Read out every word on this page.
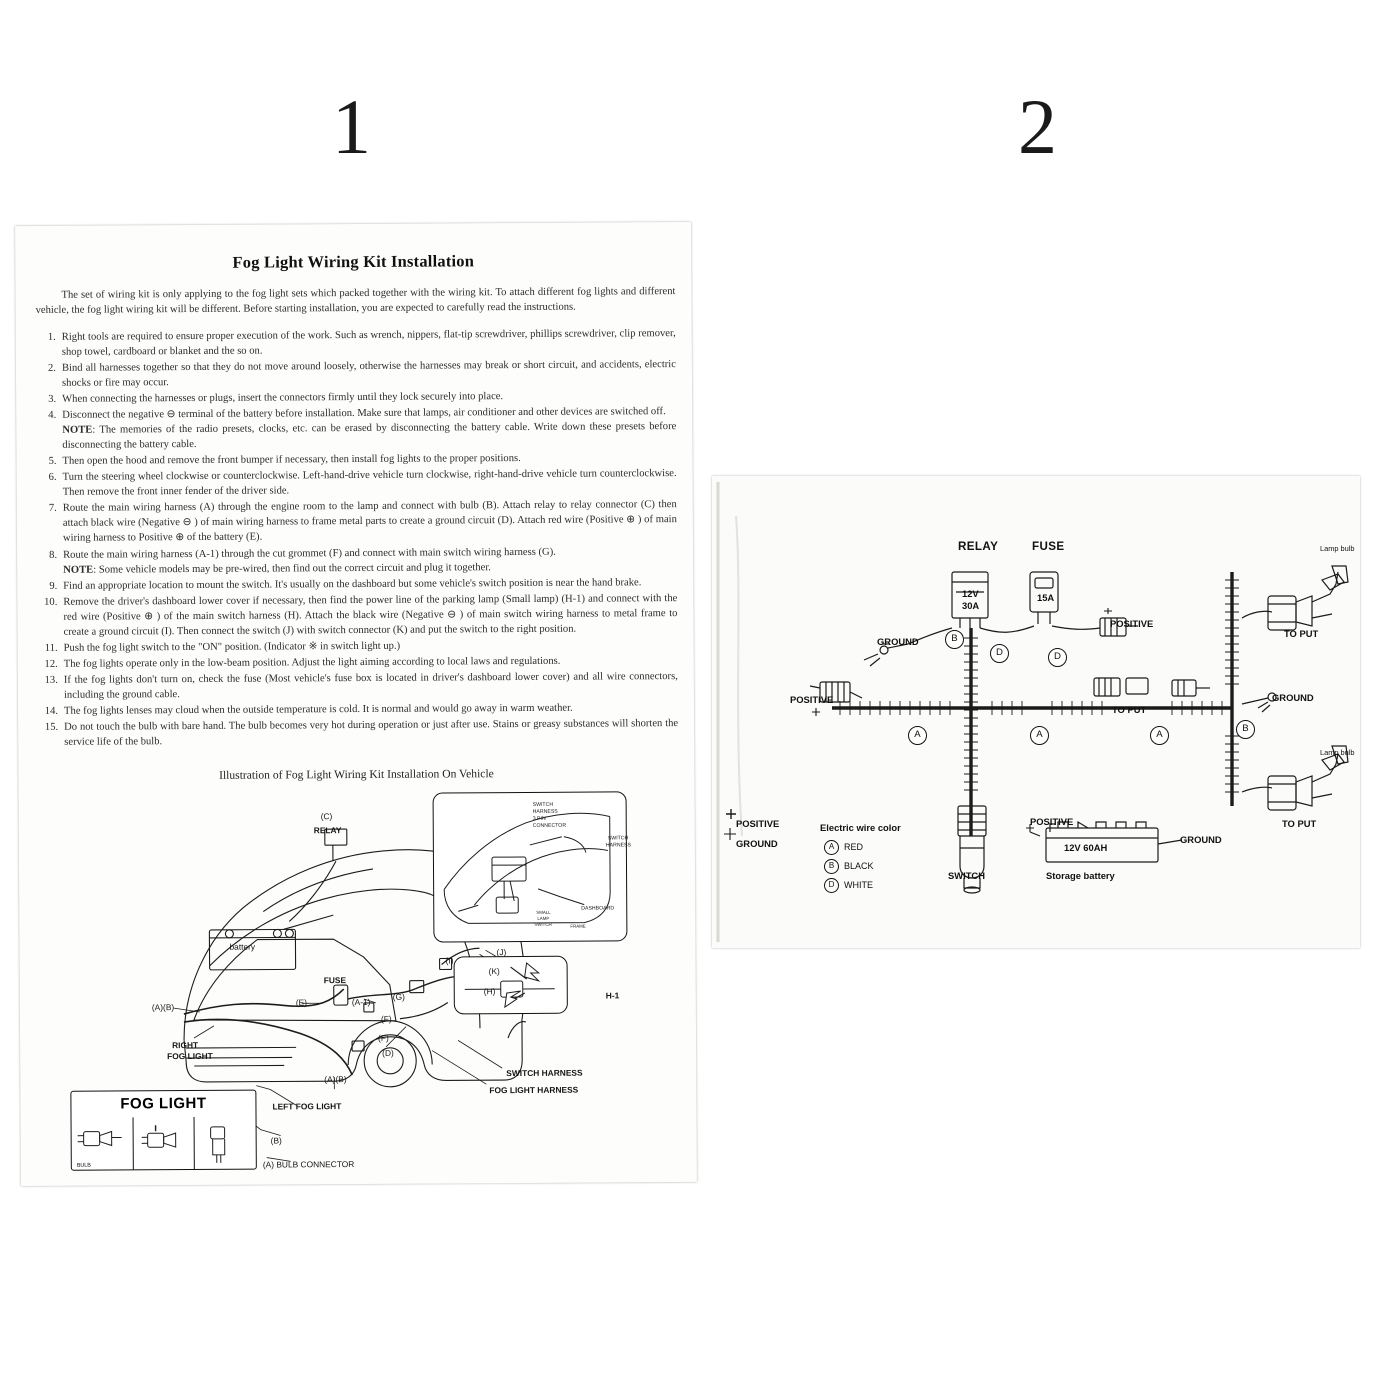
1	2
Fog Light Wiring Kit Installation
The set of wiring kit is only applying to the fog light sets which packed together with the wiring kit. To attach different fog lights and different vehicle, the fog light wiring kit will be different. Before starting installation, you are expected to carefully read the instructions.
1. Right tools are required to ensure proper execution of the work. Such as wrench, nippers, flat-tip screwdriver, phillips screwdriver, clip remover, shop towel, cardboard or blanket and the so on.
2. Bind all harnesses together so that they do not move around loosely, otherwise the harnesses may break or short circuit, and accidents, electric shocks or fire may occur.
3. When connecting the harnesses or plugs, insert the connectors firmly until they lock securely into place.
4. Disconnect the negative ⊖ terminal of the battery before installation. Make sure that lamps, air conditioner and other devices are switched off.
NOTE: The memories of the radio presets, clocks, etc. can be erased by disconnecting the battery cable. Write down these presets before disconnecting the battery cable.
5. Then open the hood and remove the front bumper if necessary, then install fog lights to the proper positions.
6. Turn the steering wheel clockwise or counterclockwise. Left-hand-drive vehicle turn clockwise, right-hand-drive vehicle turn counterclockwise. Then remove the front inner fender of the driver side.
7. Route the main wiring harness (A) through the engine room to the lamp and connect with bulb (B). Attach relay to relay connector (C) then attach black wire (Negative ⊖ ) of main wiring harness to frame metal parts to create a ground circuit (D). Attach red wire (Positive ⊕ ) of main wiring harness to Positive ⊕ of the battery (E).
8. Route the main wiring harness (A-1) through the cut grommet (F) and connect with main switch wiring harness (G).
NOTE: Some vehicle models may be pre-wired, then find out the correct circuit and plug it together.
9. Find an appropriate location to mount the switch. It's usually on the dashboard but some vehicle's switch position is near the hand brake.
10. Remove the driver's dashboard lower cover if necessary, then find the power line of the parking lamp (Small lamp) (H-1) and connect with the red wire (Positive ⊕ ) of the main switch harness (H). Attach the black wire (Negative ⊖ ) of main switch wiring harness to metal frame to create a ground circuit (I). Then connect the switch (J) with switch connector (K) and put the switch to the right position.
11. Push the fog light switch to the "ON" position. (Indicator ※ in switch light up.)
12. The fog lights operate only in the low-beam position. Adjust the light aiming according to local laws and regulations.
13. If the fog lights don't turn on, check the fuse (Most vehicle's fuse box is located in driver's dashboard lower cover) and all wire connectors, including the ground cable.
14. The fog lights lenses may cloud when the outside temperature is cold. It is normal and would go away in warm weather.
15. Do not touch the bulb with bare hand. The bulb becomes very hot during operation or just after use. Stains or greasy substances will shorten the service life of the bulb.
Illustration of Fog Light Wiring Kit Installation On Vehicle
FOG LIGHT
BULB
(C)
RELAY
battery
FUSE
(A)(B)	(E)	(A-1)
(G)
(I)
(H)
(K)
(J)
(F)
(F)
(D)
RIGHT
FOG LIGHT
(A)(B)
LEFT FOG LIGHT
FOG LIGHT HARNESS
SWITCH HARNESS
(B)
(A) BULB CONNECTOR
H-1
SWITCH
HARNESS
3 PIN
CONNECTOR
SWITCH
HARNESS
DASHBOARD
SMALL
LAMP
SWITCH	FRAME
RELAY	FUSE
12V
30A
15A
GROUND
POSITIVE
POSITIVE
TO PUT
TO PUT
GROUND
TO PUT
Lamp bulb
Lamp bulb
SWITCH
POSITIVE
GROUND
Electric wire color
POSITIVE
GROUND
B
D	D
A	A	A
B
A RED
B BLACK
D WHITE
12V 60AH
Storage battery
